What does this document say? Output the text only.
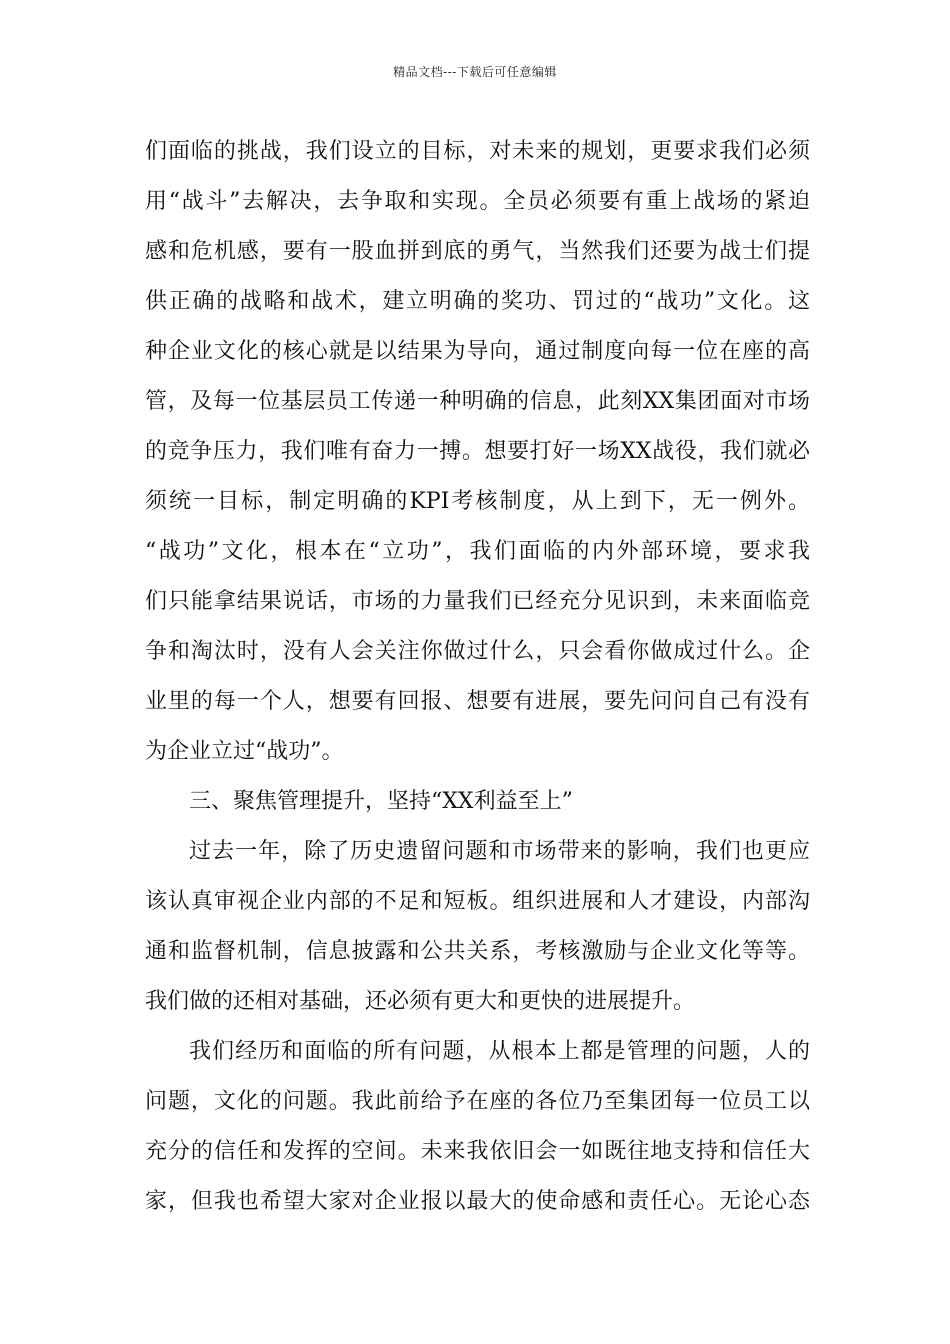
精品文档---下载后可任意编辑
们面临的挑战，我们设立的目标，对未来的规划，更要求我们必须
用“战斗”去解决，去争取和实现。全员必须要有重上战场的紧迫
感和危机感，要有一股血拼到底的勇气，当然我们还要为战士们提
供正确的战略和战术，建立明确的奖功、罚过的“战功”文化。这
种企业文化的核心就是以结果为导向，通过制度向每一位在座的高
管，及每一位基层员工传递一种明确的信息，此刻XX集团面对市场
的竞争压力，我们唯有奋力一搏。想要打好一场XX战役，我们就必
须统一目标，制定明确的KPI考核制度，从上到下，无一例外。
“战功”文化，根本在“立功”，我们面临的内外部环境，要求我
们只能拿结果说话，市场的力量我们已经充分见识到，未来面临竞
争和淘汰时，没有人会关注你做过什么，只会看你做成过什么。企
业里的每一个人，想要有回报、想要有进展，要先问问自己有没有
为企业立过“战功”。
三、聚焦管理提升，坚持“XX利益至上”
过去一年，除了历史遗留问题和市场带来的影响，我们也更应
该认真审视企业内部的不足和短板。组织进展和人才建设，内部沟
通和监督机制，信息披露和公共关系，考核激励与企业文化等等。
我们做的还相对基础，还必须有更大和更快的进展提升。
我们经历和面临的所有问题，从根本上都是管理的问题，人的
问题，文化的问题。我此前给予在座的各位乃至集团每一位员工以
充分的信任和发挥的空间。未来我依旧会一如既往地支持和信任大
家，但我也希望大家对企业报以最大的使命感和责任心。无论心态
